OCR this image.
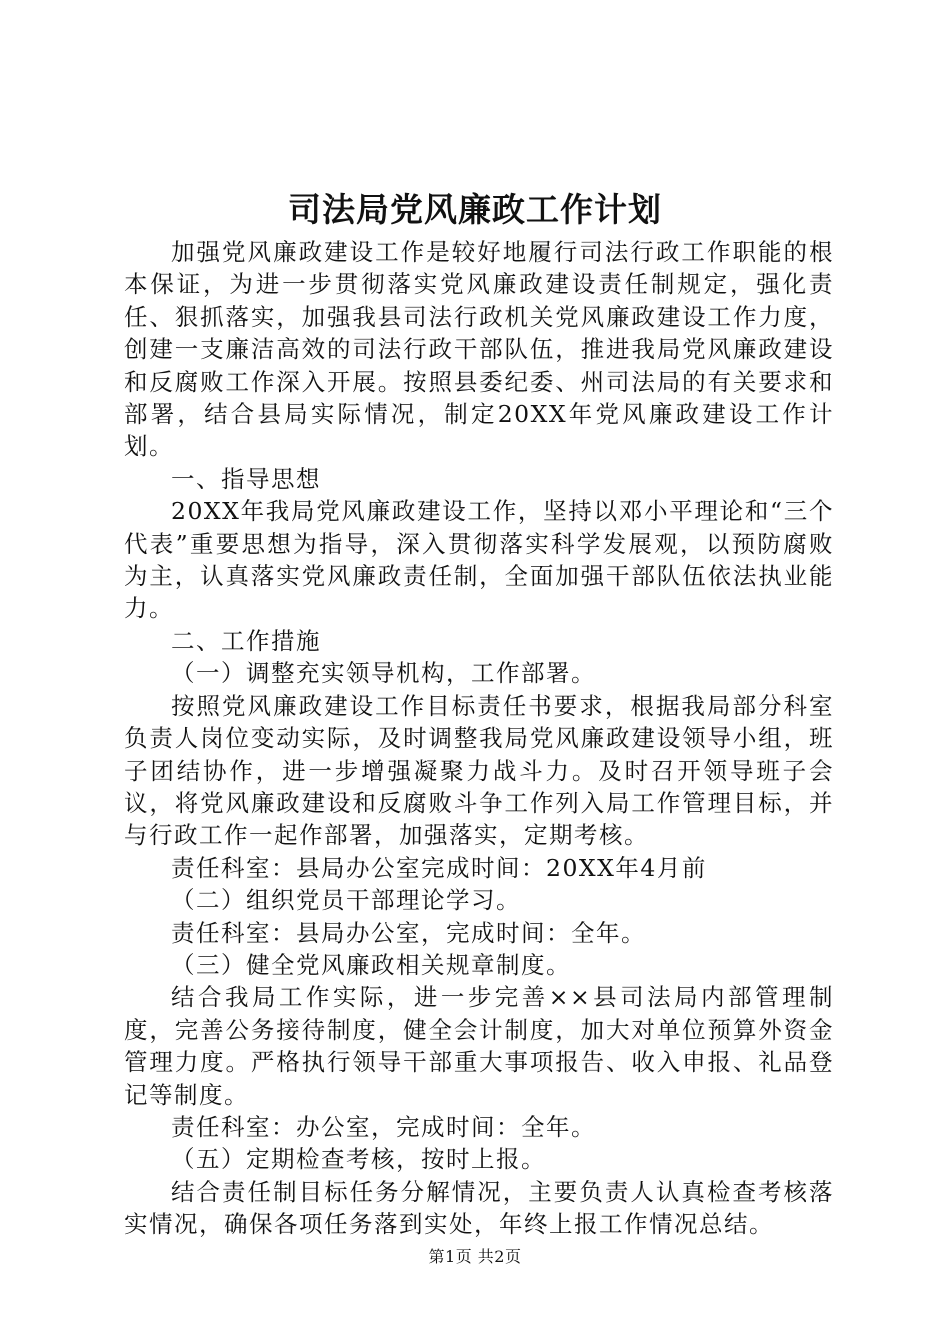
司法局党风廉政工作计划

加强党风廉政建设工作是较好地履行司法行政工作职能的根本保证，为进一步贯彻落实党风廉政建设责任制规定，强化责任、狠抓落实，加强我县司法行政机关党风廉政建设工作力度，创建一支廉洁高效的司法行政干部队伍，推进我局党风廉政建设和反腐败工作深入开展。按照县委纪委、州司法局的有关要求和部署，结合县局实际情况，制定20XX年党风廉政建设工作计划。

一、指导思想

20XX年我局党风廉政建设工作，坚持以邓小平理论和“三个代表”重要思想为指导，深入贯彻落实科学发展观，以预防腐败为主，认真落实党风廉政责任制，全面加强干部队伍依法执业能力。

二、工作措施

（一）调整充实领导机构，工作部署。

按照党风廉政建设工作目标责任书要求，根据我局部分科室负责人岗位变动实际，及时调整我局党风廉政建设领导小组，班子团结协作，进一步增强凝聚力战斗力。及时召开领导班子会议，将党风廉政建设和反腐败斗争工作列入局工作管理目标，并与行政工作一起作部署，加强落实，定期考核。

责任科室：县局办公室完成时间：20XX年4月前

（二）组织党员干部理论学习。

责任科室：县局办公室，完成时间：全年。

（三）健全党风廉政相关规章制度。

结合我局工作实际，进一步完善××县司法局内部管理制度，完善公务接待制度，健全会计制度，加大对单位预算外资金管理力度。严格执行领导干部重大事项报告、收入申报、礼品登记等制度。

责任科室：办公室，完成时间：全年。

（五）定期检查考核，按时上报。

结合责任制目标任务分解情况，主要负责人认真检查考核落实情况，确保各项任务落到实处，年终上报工作情况总结。

第1页 共2页
